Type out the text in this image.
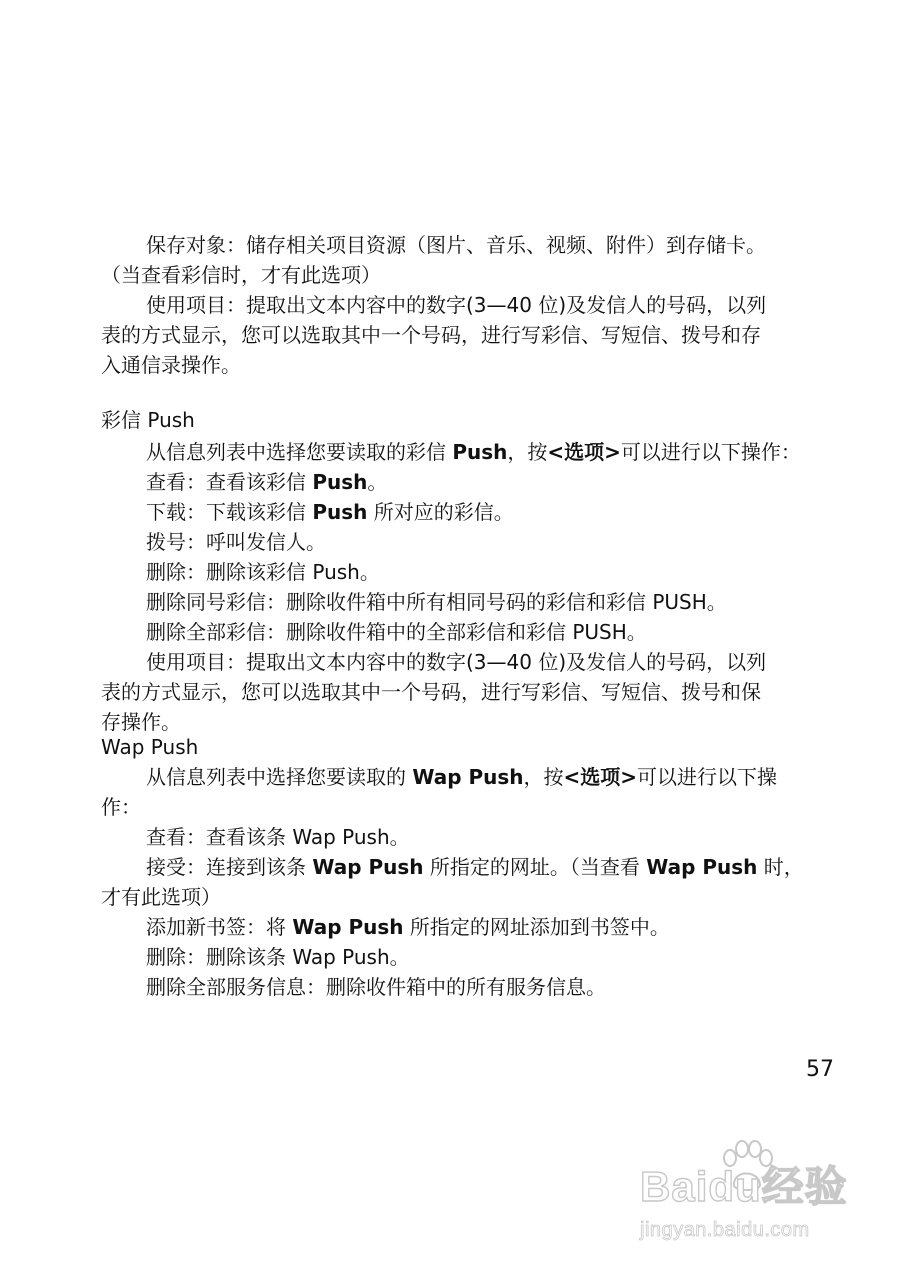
保存对象：储存相关项目资源（图片、音乐、视频、附件）到存储卡。
（当查看彩信时，才有此选项）
使用项目：提取出文本内容中的数字(3—40 位)及发信人的号码，以列
表的方式显示，您可以选取其中一个号码，进行写彩信、写短信、拨号和存
入通信录操作。
彩信 Push
从信息列表中选择您要读取的彩信 Push，按<选项>可以进行以下操作：
查看：查看该彩信 Push。
下载：下载该彩信 Push 所对应的彩信。
拨号：呼叫发信人。
删除：删除该彩信 Push。
删除同号彩信：删除收件箱中所有相同号码的彩信和彩信 PUSH。
删除全部彩信：删除收件箱中的全部彩信和彩信 PUSH。
使用项目：提取出文本内容中的数字(3—40 位)及发信人的号码，以列
表的方式显示，您可以选取其中一个号码，进行写彩信、写短信、拨号和保
存操作。
Wap Push
从信息列表中选择您要读取的 Wap Push，按<选项>可以进行以下操
作：
查看：查看该条 Wap Push。
接受：连接到该条 Wap Push 所指定的网址。（当查看 Wap Push 时，
才有此选项）
添加新书签：将 Wap Push 所指定的网址添加到书签中。
删除：删除该条 Wap Push。
删除全部服务信息：删除收件箱中的所有服务信息。
57
Baidu经验
jingyan.baidu.com
